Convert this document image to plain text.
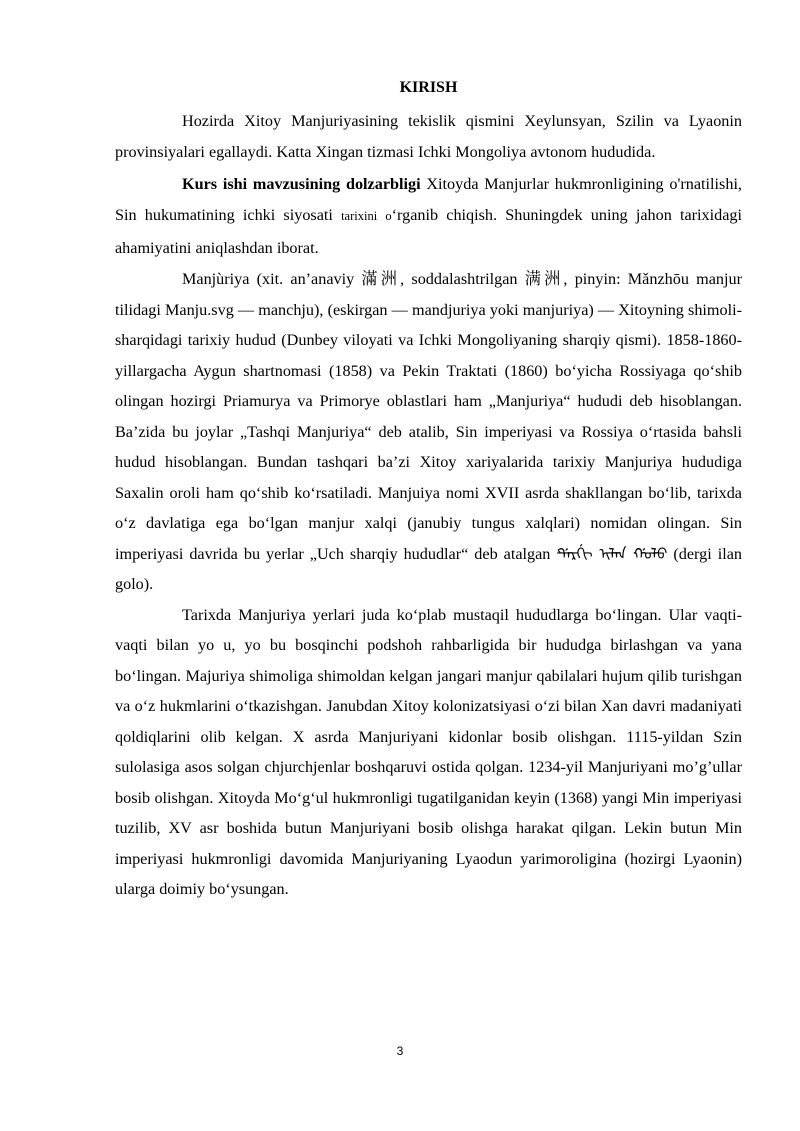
KIRISH

Hozirda Xitoy Manjuriyasining tekislik qismini Xeylunsyan, Szilin va Lyaonin provinsiyalari egallaydi. Katta Xingan tizmasi Ichki Mongoliya avtonom hududida.

Kurs ishi mavzusining dolzarbligi Xitoyda Manjurlar hukmronligining o'rnatilishi, Sin hukumatining ichki siyosati tarixini o‘rganib chiqish. Shuningdek uning jahon tarixidagi ahamiyatini aniqlashdan iborat.

Manjùriya (xit. an’anaviy 滿洲, soddalashtrilgan 满洲, pinyin: Mǎnzhōu manjur tilidagi Manju.svg — manchju), (eskirgan — mandjuriya yoki manjuriya) — Xitoyning shimoli-sharqidagi tarixiy hudud (Dunbey viloyati va Ichki Mongoliyaning sharqiy qismi). 1858-1860-yillargacha Aygun shartnomasi (1858) va Pekin Traktati (1860) bo‘yicha Rossiyaga qo‘shib olingan hozirgi Priamurya va Primorye oblastlari ham „Manjuriya“ hududi deb hisoblangan. Ba’zida bu joylar „Tashqi Manjuriya“ deb atalib, Sin imperiyasi va Rossiya o‘rtasida bahsli hudud hisoblangan. Bundan tashqari ba’zi Xitoy xariyalarida tarixiy Manjuriya hududiga Saxalin oroli ham qo‘shib ko‘rsatiladi. Manjuiya nomi XVII asrda shakllangan bo‘lib, tarixda o‘z davlatiga ega bo‘lgan manjur xalqi (janubiy tungus xalqlari) nomidan olingan. Sin imperiyasi davrida bu yerlar „Uch sharqiy hududlar“ deb atalgan ᡩᡝᡵᡤᡳ ᡳᠯᠠᠨ ᡤᠣᠯᠣ (dergi ilan golo).

Tarixda Manjuriya yerlari juda ko‘plab mustaqil hududlarga bo‘lingan. Ular vaqti-vaqti bilan yo u, yo bu bosqinchi podshoh rahbarligida bir hududga birlashgan va yana bo‘lingan. Majuriya shimoliga shimoldan kelgan jangari manjur qabilalari hujum qilib turishgan va o‘z hukmlarini o‘tkazishgan. Janubdan Xitoy kolonizatsiyasi o‘zi bilan Xan davri madaniyati qoldiqlarini olib kelgan. X asrda Manjuriyani kidonlar bosib olishgan. 1115-yildan Szin sulolasiga asos solgan chjurchjenlar boshqaruvi ostida qolgan. 1234-yil Manjuriyani mo’g’ullar bosib olishgan. Xitoyda Mo‘g‘ul hukmronligi tugatilganidan keyin (1368) yangi Min imperiyasi tuzilib, XV asr boshida butun Manjuriyani bosib olishga harakat qilgan. Lekin butun Min imperiyasi hukmronligi davomida Manjuriyaning Lyaodun yarimoroligina (hozirgi Lyaonin) ularga doimiy bo‘ysungan.

3
